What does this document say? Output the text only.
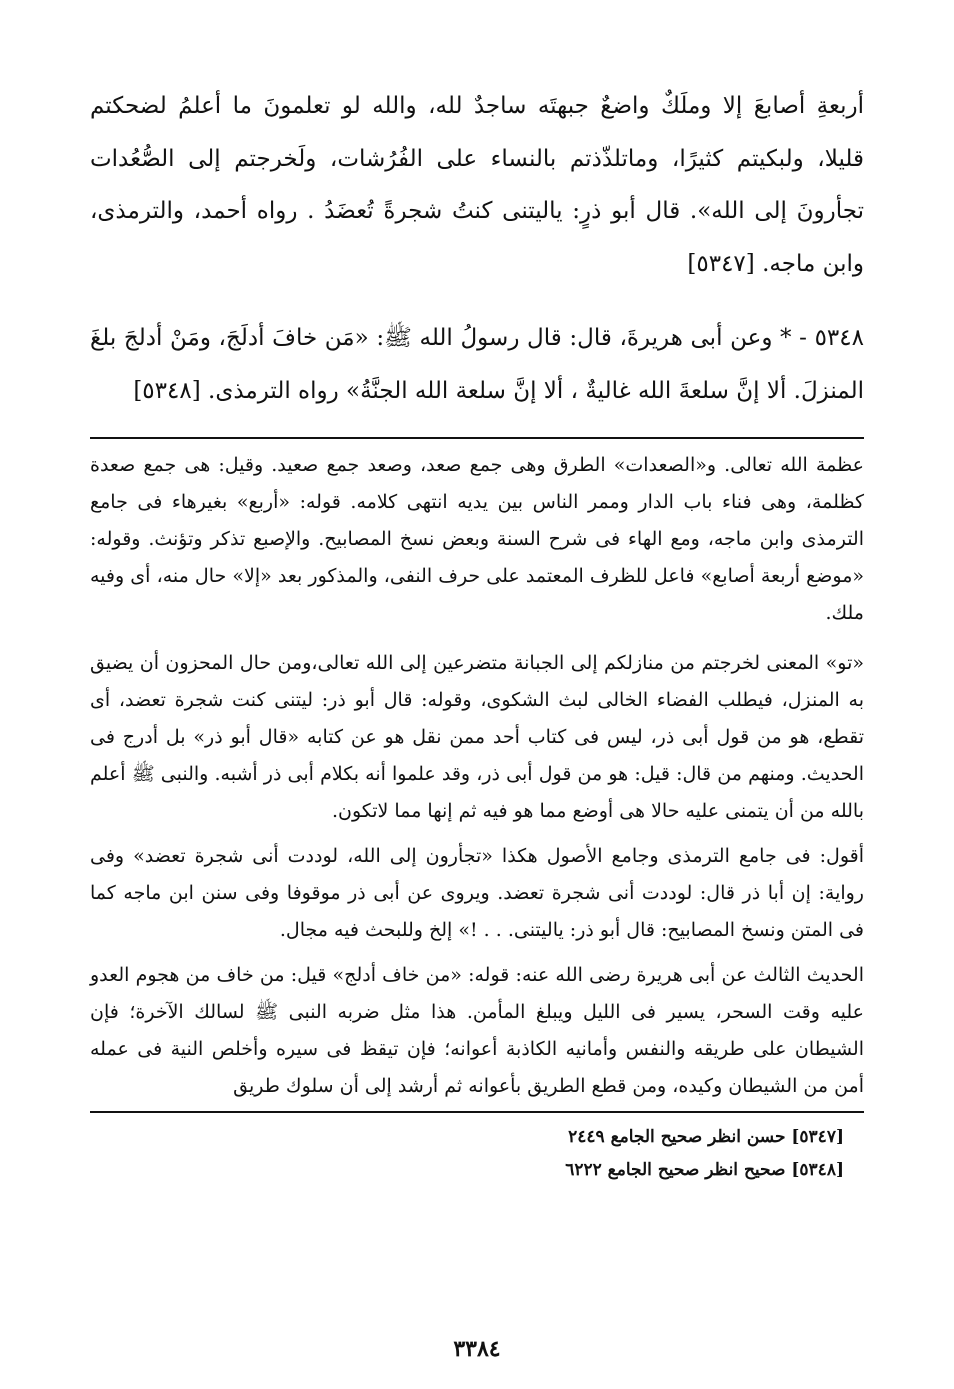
أربعةِ أصابعَ إلا وملَكٌ واضعٌ جبهتَه ساجدٌ لله، والله لو تعلمونَ ما أعلمُ لضحكتم قليلا، ولبكيتم كثيرًا، وماتلذّذتم بالنساء على الفُرُشات، ولَخرجتم إلى الصُّعُدات تجأرونَ إلى الله». قال أبو ذرٍ: ياليتنى كنتُ شجرةً تُعضَدُ . رواه أحمد، والترمذى، وابن ماجه. [٥٣٤٧]

٥٣٤٨ - * وعن أبى هريرةَ، قال: قال رسولُ الله ﷺ: «مَن خافَ أدلَجَ، ومَنْ أدلجَ بلغَ المنزلَ. ألا إنَّ سلعةَ الله غاليةٌ ، ألا إنَّ سلعة الله الجنَّةُ» رواه الترمذى. [٥٣٤٨]

عظمة الله تعالى. و«الصعدات» الطرق وهى جمع صعد، وصعد جمع صعيد. وقيل: هى جمع صعدة كظلمة، وهى فناء باب الدار وممر الناس بين يديه انتهى كلامه. قوله: «أربع» بغيرهاء فى جامع الترمذى وابن ماجه، ومع الهاء فى شرح السنة وبعض نسخ المصابيح. والإصبع تذكر وتؤنث. وقوله: «موضع أربعة أصابع» فاعل للظرف المعتمد على حرف النفى، والمذكور بعد «إلا» حال منه، أى وفيه ملك.

«تو» المعنى لخرجتم من منازلكم إلى الجبانة متضرعين إلى الله تعالى،ومن حال المحزون أن يضيق به المنزل، فيطلب الفضاء الخالى لبث الشكوى، وقوله: قال أبو ذر: ليتنى كنت شجرة تعضد، أى تقطع، هو من قول أبى ذر، ليس فى كتاب أحد ممن نقل هو عن كتابه «قال أبو ذر» بل أدرج فى الحديث. ومنهم من قال: قيل: هو من قول أبى ذر، وقد علموا أنه بكلام أبى ذر أشبه. والنبى ﷺ أعلم بالله من أن يتمنى عليه حالا هى أوضع مما هو فيه ثم إنها مما لاتكون.

أقول: فى جامع الترمذى وجامع الأصول هكذا «تجأرون إلى الله، لوددت أنى شجرة تعضد» وفى رواية: إن أبا ذر قال: لوددت أنى شجرة تعضد. ويروى عن أبى ذر موقوفا وفى سنن ابن ماجه كما فى المتن ونسخ المصابيح: قال أبو ذر: ياليتنى. . . !» إلخ وللبحث فيه مجال.

الحديث الثالث عن أبى هريرة رضى الله عنه: قوله: «من خاف أدلج» قيل: من خاف من هجوم العدو عليه وقت السحر، يسير فى الليل ويبلغ المأمن. هذا مثل ضربه النبى ﷺ لسالك الآخرة؛ فإن الشيطان على طريقه والنفس وأمانيه الكاذبة أعوانه؛ فإن تيقظ فى سيره وأخلص النية فى عمله أمن من الشيطان وكيده، ومن قطع الطريق بأعوانه ثم أرشد إلى أن سلوك طريق

[٥٣٤٧] حسن انظر صحيح الجامع ٢٤٤٩

[٥٣٤٨] صحيح انظر صحيح الجامع ٦٢٢٢

٣٣٨٤
